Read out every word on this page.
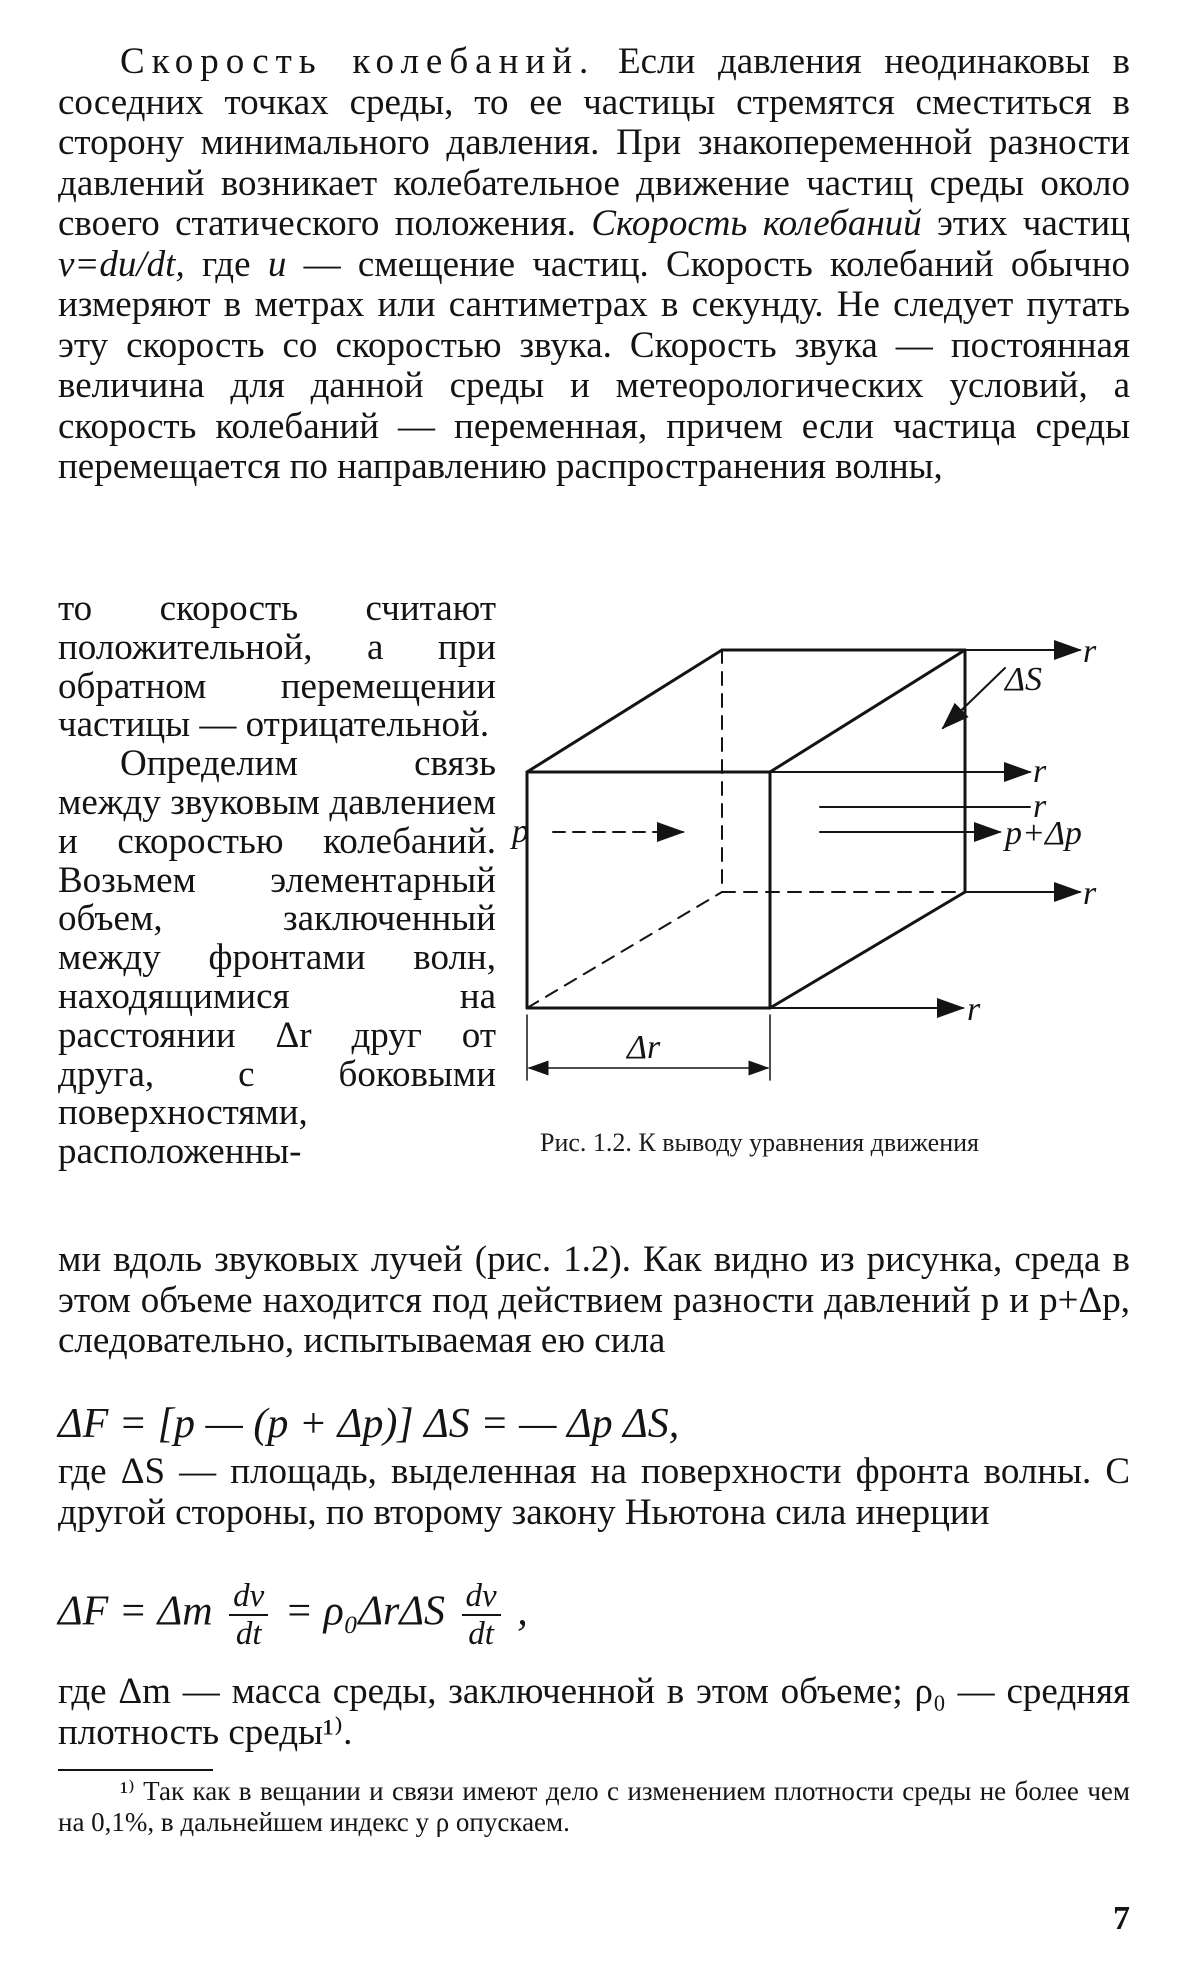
Скорость колебаний. Если давления неодинаковы в соседних точках среды, то ее частицы стремятся сместиться в сторону минимального давления. При знакопеременной разности давлений возникает колебательное движение частиц среды около своего статического положения. Скорость колебаний этих частиц v=du/dt, где u — смещение частиц. Скорость колебаний обычно измеряют в метрах или сантиметрах в секунду. Не следует путать эту скорость со скоростью звука. Скорость звука — постоянная величина для данной среды и метеорологических условий, а скорость колебаний — переменная, причем если частица среды перемещается по направлению распространения волны,

то скорость считают положительной, а при обратном перемещении частицы — отрицательной.

Определим связь между звуковым давлением и скоростью колебаний. Возьмем элементарный объем, заключенный между фронтами волн, находящимися на расстоянии Δr друг от друга, с боковыми поверхностями, расположенны-

r
ΔS
r
r
p+Δp
p
r
r
Δr
Рис. 1.2. К выводу уравнения движения

ми вдоль звуковых лучей (рис. 1.2). Как видно из рисунка, среда в этом объеме находится под действием разности давлений p и p+Δp, следовательно, испытываемая ею сила

ΔF = [p — (p + Δp)] ΔS = — Δp ΔS,

где ΔS — площадь, выделенная на поверхности фронта волны. С другой стороны, по второму закону Ньютона сила инерции

ΔF = Δm $\frac{dv}{dt} = \rho_0\Delta r\Delta S \frac{dv}{dt}$ ,

где Δm — масса среды, заключенной в этом объеме; ρ₀ — средняя плотность среды¹⁾.

¹⁾ Так как в вещании и связи имеют дело с изменением плотности среды не более чем на 0,1%, в дальнейшем индекс у ρ опускаем.
7
